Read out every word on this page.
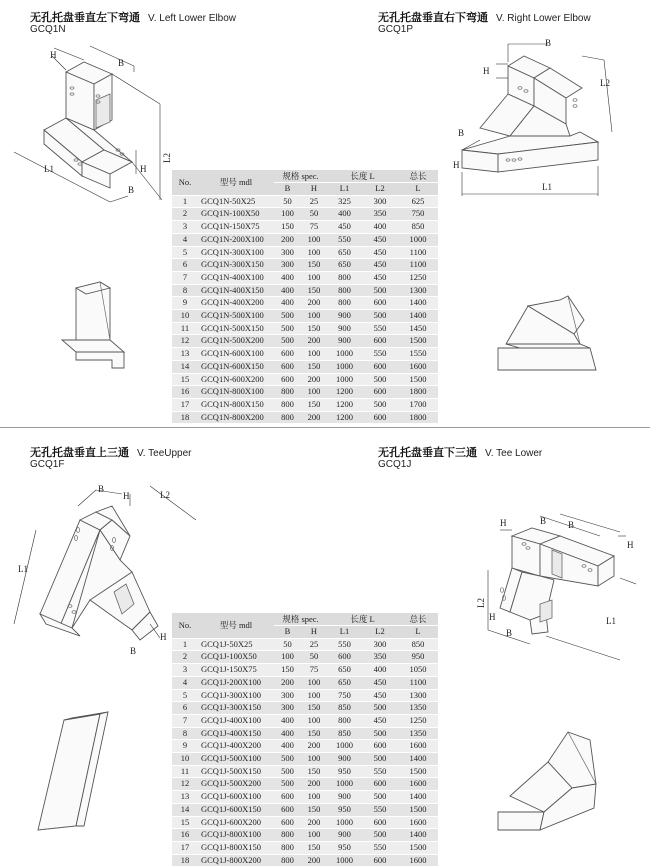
无孔托盘垂直左下弯通 V. Left Lower Elbow
GCQ1N
无孔托盘垂直右下弯通 V. Right Lower Elbow
GCQ1P
无孔托盘垂直上三通 V. TeeUpper
GCQ1F
无孔托盘垂直下三通 V. Tee Lower
GCQ1J
H
B
L2
H
L1
B
B
H
L2
B
H
L1
B
H	L2
L1
H
B
H	B B
H
L2
H
B
L1
No.	型号 mdl	规格 spec.		长度 L		总长
		B	H	L1	L2	L
1	GCQ1N-50X25	50	25	325	300	625
2	GCQ1N-100X50	100	50	400	350	750
3	GCQ1N-150X75	150	75	450	400	850
4	GCQ1N-200X100	200	100	550	450	1000
5	GCQ1N-300X100	300	100	650	450	1100
6	GCQ1N-300X150	300	150	650	450	1100
7	GCQ1N-400X100	400	100	800	450	1250
8	GCQ1N-400X150	400	150	800	500	1300
9	GCQ1N-400X200	400	200	800	600	1400
10	GCQ1N-500X100	500	100	900	500	1400
11	GCQ1N-500X150	500	150	900	550	1450
12	GCQ1N-500X200	500	200	900	600	1500
13	GCQ1N-600X100	600	100	1000	550	1550
14	GCQ1N-600X150	600	150	1000	600	1600
15	GCQ1N-600X200	600	200	1000	500	1500
16	GCQ1N-800X100	800	100	1200	600	1800
17	GCQ1N-800X150	800	150	1200	500	1700
18	GCQ1N-800X200	800	200	1200	600	1800
No.	型号 mdl	规格 spec.		长度 L		总长
		B	H	L1	L2	L
1	GCQ1J-50X25	50	25	550	300	850
2	GCQ1J-100X50	100	50	600	350	950
3	GCQ1J-150X75	150	75	650	400	1050
4	GCQ1J-200X100	200	100	650	450	1100
5	GCQ1J-300X100	300	100	750	450	1300
6	GCQ1J-300X150	300	150	850	500	1350
7	GCQ1J-400X100	400	100	800	450	1250
8	GCQ1J-400X150	400	150	850	500	1350
9	GCQ1J-400X200	400	200	1000	600	1600
10	GCQ1J-500X100	500	100	900	500	1400
11	GCQ1J-500X150	500	150	950	550	1500
12	GCQ1J-500X200	500	200	1000	600	1600
13	GCQ1J-600X100	600	100	900	500	1400
14	GCQ1J-600X150	600	150	950	550	1500
15	GCQ1J-600X200	600	200	1000	600	1600
16	GCQ1J-800X100	800	100	900	500	1400
17	GCQ1J-800X150	800	150	950	550	1500
18	GCQ1J-800X200	800	200	1000	600	1600
